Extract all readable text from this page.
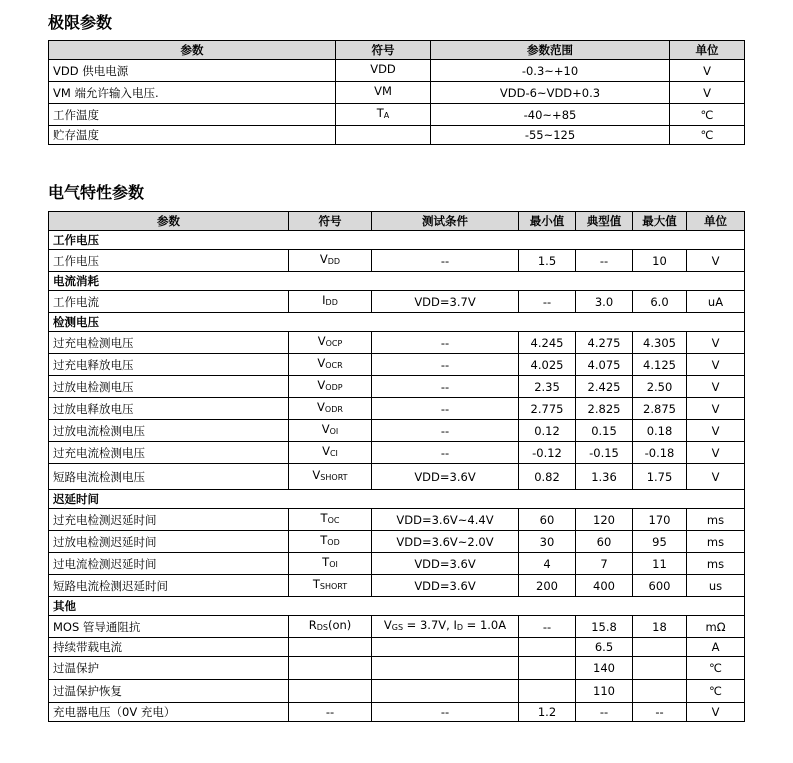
极限参数
参数	符号	参数范围	单位
VDD 供电电源	VDD	-0.3~+10	V
VM 端允许输入电压.	VM	VDD-6~VDD+0.3	V
工作温度	$T_A$	-40~+85	℃
贮存温度		-55~125	℃
电气特性参数
参数	符号	测试条件	最小值	典型值	最大值	单位
工作电压						
工作电压	$V_{DD}$	--	1.5	--	10	V
电流消耗						
工作电流	$I_{DD}$	VDD=3.7V	--	3.0	6.0	uA
检测电压						
过充电检测电压	$V_{OCP}$	--	4.245	4.275	4.305	V
过充电释放电压	$V_{OCR}$	--	4.025	4.075	4.125	V
过放电检测电压	$V_{ODP}$	--	2.35	2.425	2.50	V
过放电释放电压	$V_{ODR}$	--	2.775	2.825	2.875	V
过放电流检测电压	$V_{OI}$	--	0.12	0.15	0.18	V
过充电流检测电压	$V_{CI}$	--	-0.12	-0.15	-0.18	V
短路电流检测电压	$V_{SHORT}$	VDD=3.6V	0.82	1.36	1.75	V
迟延时间						
过充电检测迟延时间	$T_{OC}$	VDD=3.6V~4.4V	60	120	170	ms
过放电检测迟延时间	$T_{OD}$	VDD=3.6V~2.0V	30	60	95	ms
过电流检测迟延时间	$T_{OI}$	VDD=3.6V	4	7	11	ms
短路电流检测迟延时间	$T_{SHORT}$	VDD=3.6V	200	400	600	us
其他						
MOS 管导通阻抗	$R_{DS}(on)$	$V_{GS} = 3.7V$, $I_D = 1.0A$	--	15.8	18	mΩ
持续带载电流				6.5		A
过温保护				140		℃
过温保护恢复				110		℃
充电器电压（0V 充电）	--	--	1.2	--	--	V
